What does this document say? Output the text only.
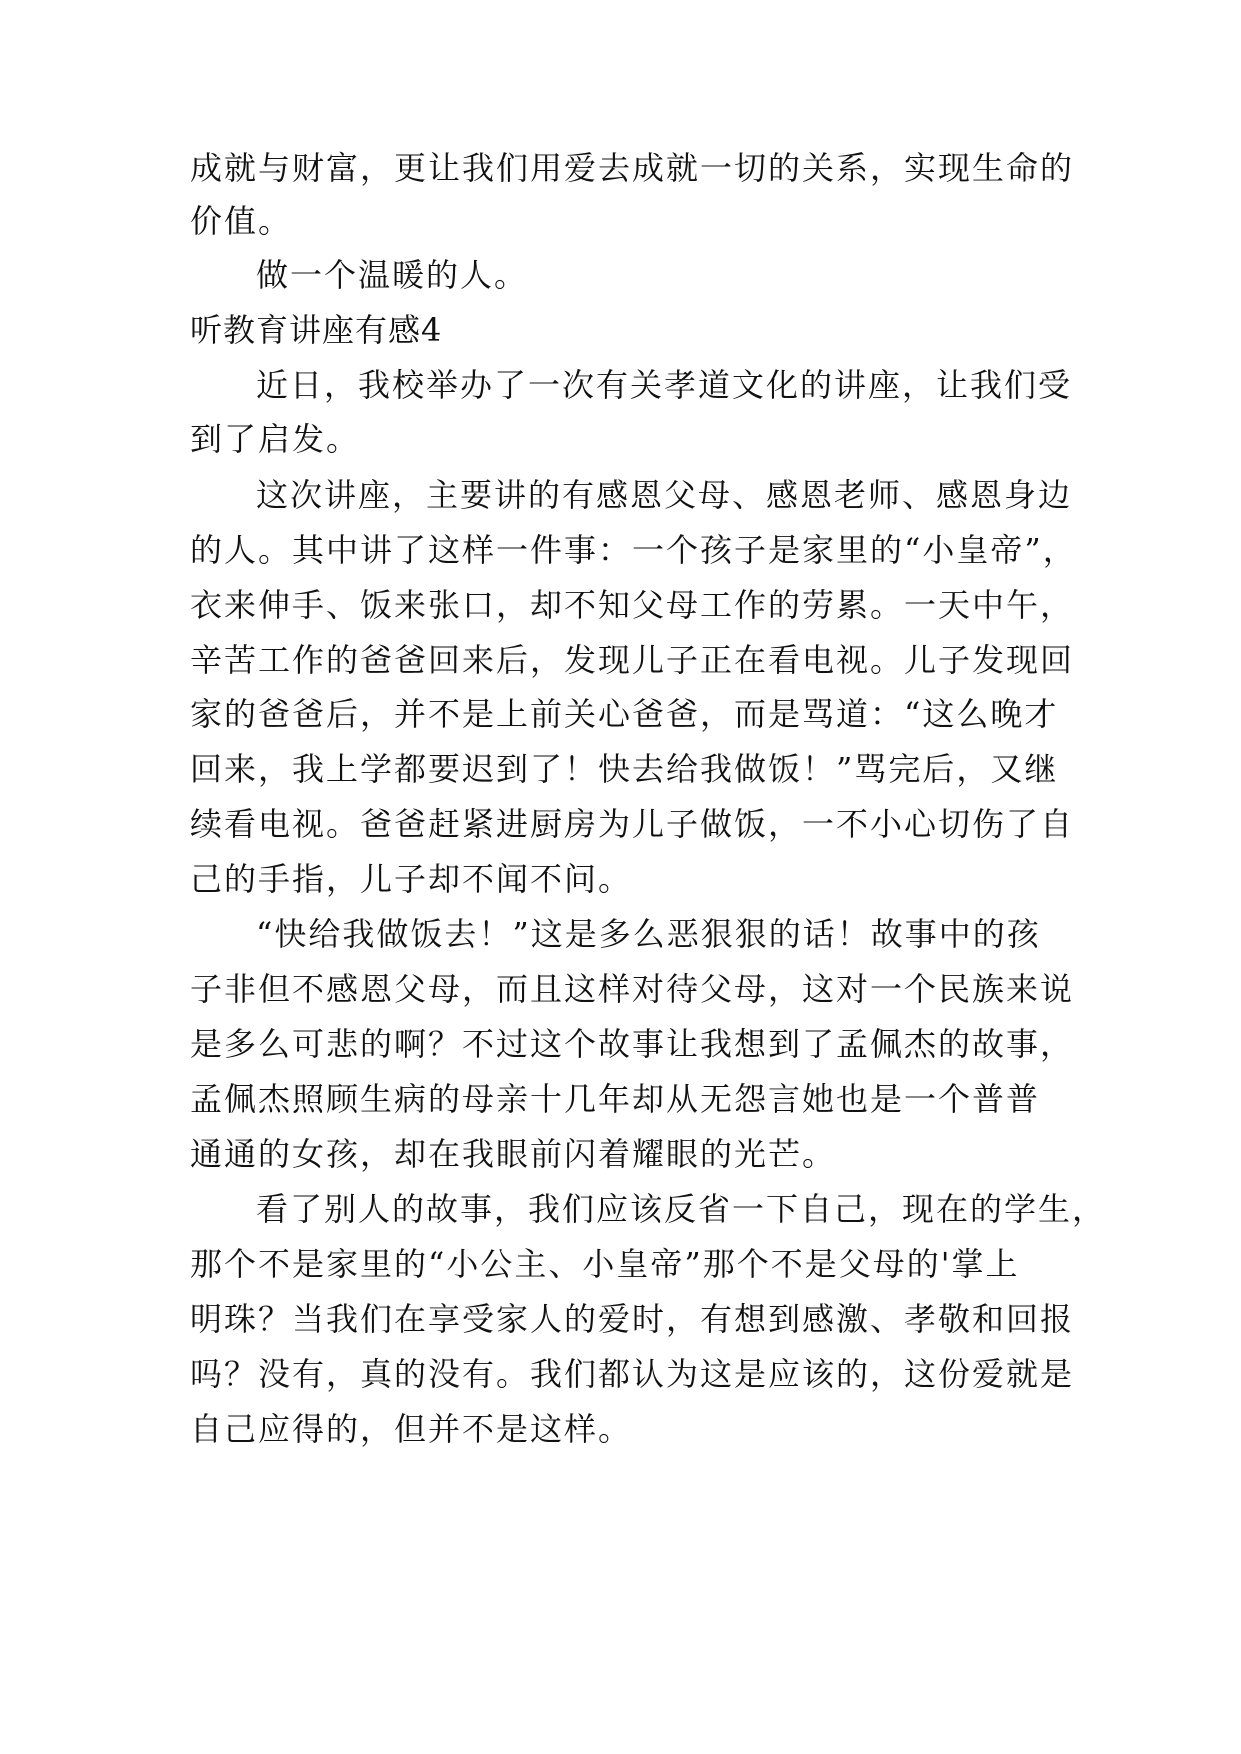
成就与财富，更让我们用爱去成就一切的关系，实现生命的
价值。
做一个温暖的人。
听教育讲座有感4
近日，我校举办了一次有关孝道文化的讲座，让我们受
到了启发。
这次讲座，主要讲的有感恩父母、感恩老师、感恩身边
的人。其中讲了这样一件事：一个孩子是家里的“小皇帝”，
衣来伸手、饭来张口，却不知父母工作的劳累。一天中午，
辛苦工作的爸爸回来后，发现儿子正在看电视。儿子发现回
家的爸爸后，并不是上前关心爸爸，而是骂道：“这么晚才
回来，我上学都要迟到了！快去给我做饭！”骂完后，又继
续看电视。爸爸赶紧进厨房为儿子做饭，一不小心切伤了自
己的手指，儿子却不闻不问。
“快给我做饭去！”这是多么恶狠狠的话！故事中的孩
子非但不感恩父母，而且这样对待父母，这对一个民族来说
是多么可悲的啊？不过这个故事让我想到了孟佩杰的故事，
孟佩杰照顾生病的母亲十几年却从无怨言她也是一个普普
通通的女孩，却在我眼前闪着耀眼的光芒。
看了别人的故事，我们应该反省一下自己，现在的学生，
那个不是家里的“小公主、小皇帝”那个不是父母的'掌上
明珠？当我们在享受家人的爱时，有想到感激、孝敬和回报
吗？没有，真的没有。我们都认为这是应该的，这份爱就是
自己应得的，但并不是这样。
